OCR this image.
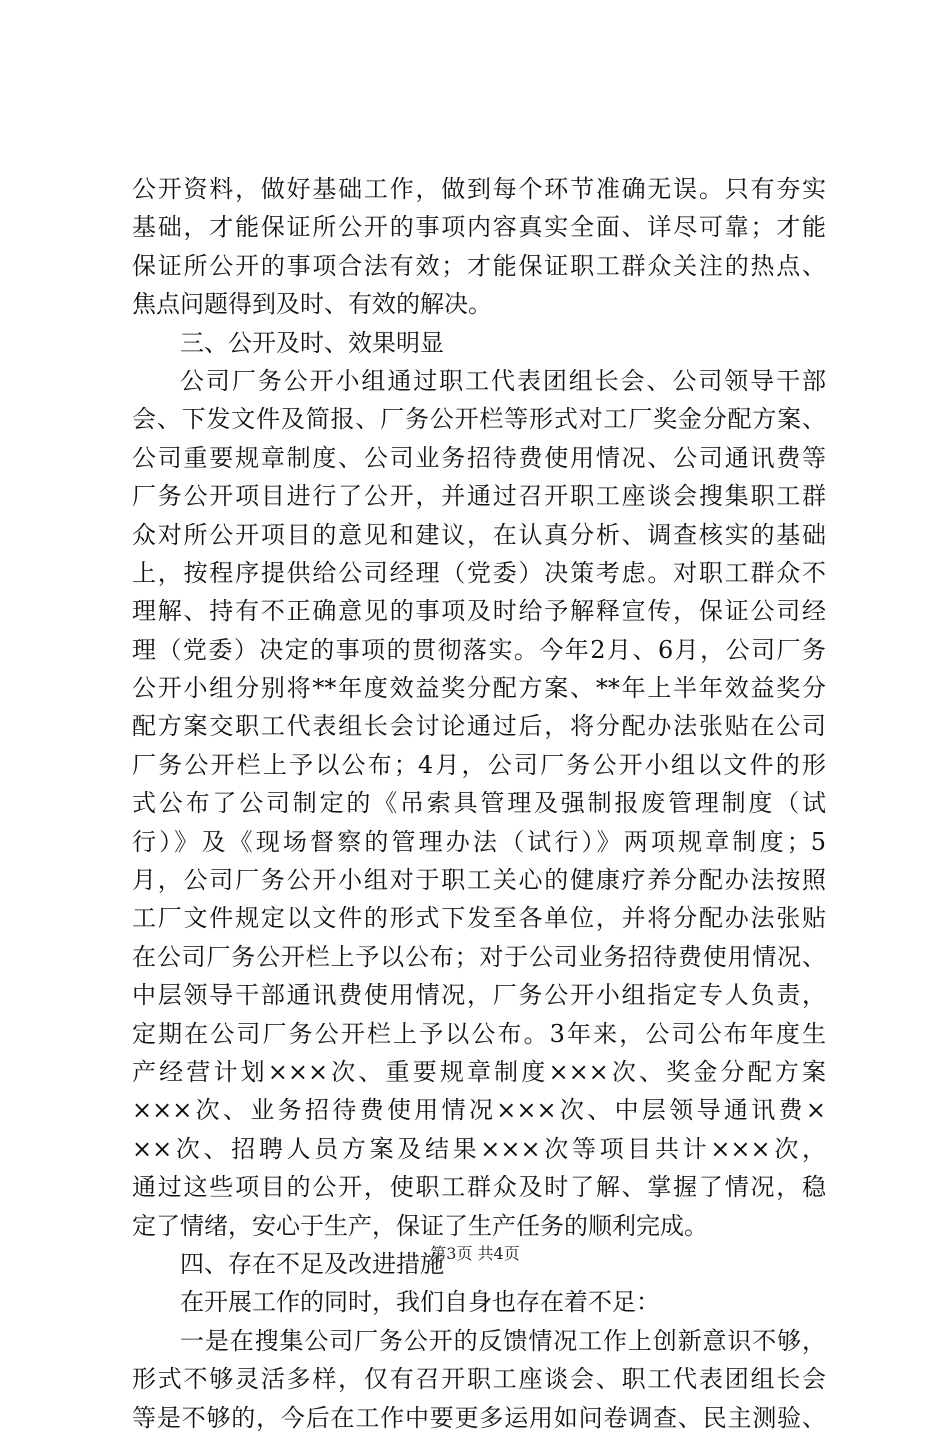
公开资料，做好基础工作，做到每个环节准确无误。只有夯实
基础，才能保证所公开的事项内容真实全面、详尽可靠；才能
保证所公开的事项合法有效；才能保证职工群众关注的热点、
焦点问题得到及时、有效的解决。
三、公开及时、效果明显
公司厂务公开小组通过职工代表团组长会、公司领导干部
会、下发文件及简报、厂务公开栏等形式对工厂奖金分配方案、
公司重要规章制度、公司业务招待费使用情况、公司通讯费等
厂务公开项目进行了公开，并通过召开职工座谈会搜集职工群
众对所公开项目的意见和建议，在认真分析、调查核实的基础
上，按程序提供给公司经理（党委）决策考虑。对职工群众不
理解、持有不正确意见的事项及时给予解释宣传，保证公司经
理（党委）决定的事项的贯彻落实。今年2月、6月，公司厂务
公开小组分别将**年度效益奖分配方案、**年上半年效益奖分
配方案交职工代表组长会讨论通过后，将分配办法张贴在公司
厂务公开栏上予以公布；4月，公司厂务公开小组以文件的形
式公布了公司制定的《吊索具管理及强制报废管理制度（试
行）》及《现场督察的管理办法（试行）》两项规章制度；5
月，公司厂务公开小组对于职工关心的健康疗养分配办法按照
工厂文件规定以文件的形式下发至各单位，并将分配办法张贴
在公司厂务公开栏上予以公布；对于公司业务招待费使用情况、
中层领导干部通讯费使用情况，厂务公开小组指定专人负责，
定期在公司厂务公开栏上予以公布。3年来，公司公布年度生
产经营计划×××次、重要规章制度×××次、奖金分配方案
×××次、业务招待费使用情况×××次、中层领导通讯费×
××次、招聘人员方案及结果×××次等项目共计×××次，
通过这些项目的公开，使职工群众及时了解、掌握了情况，稳
定了情绪，安心于生产，保证了生产任务的顺利完成。
四、存在不足及改进措施
在开展工作的同时，我们自身也存在着不足：
一是在搜集公司厂务公开的反馈情况工作上创新意识不够，
形式不够灵活多样，仅有召开职工座谈会、职工代表团组长会
等是不够的，今后在工作中要更多运用如问卷调查、民主测验、
第3页 共4页
